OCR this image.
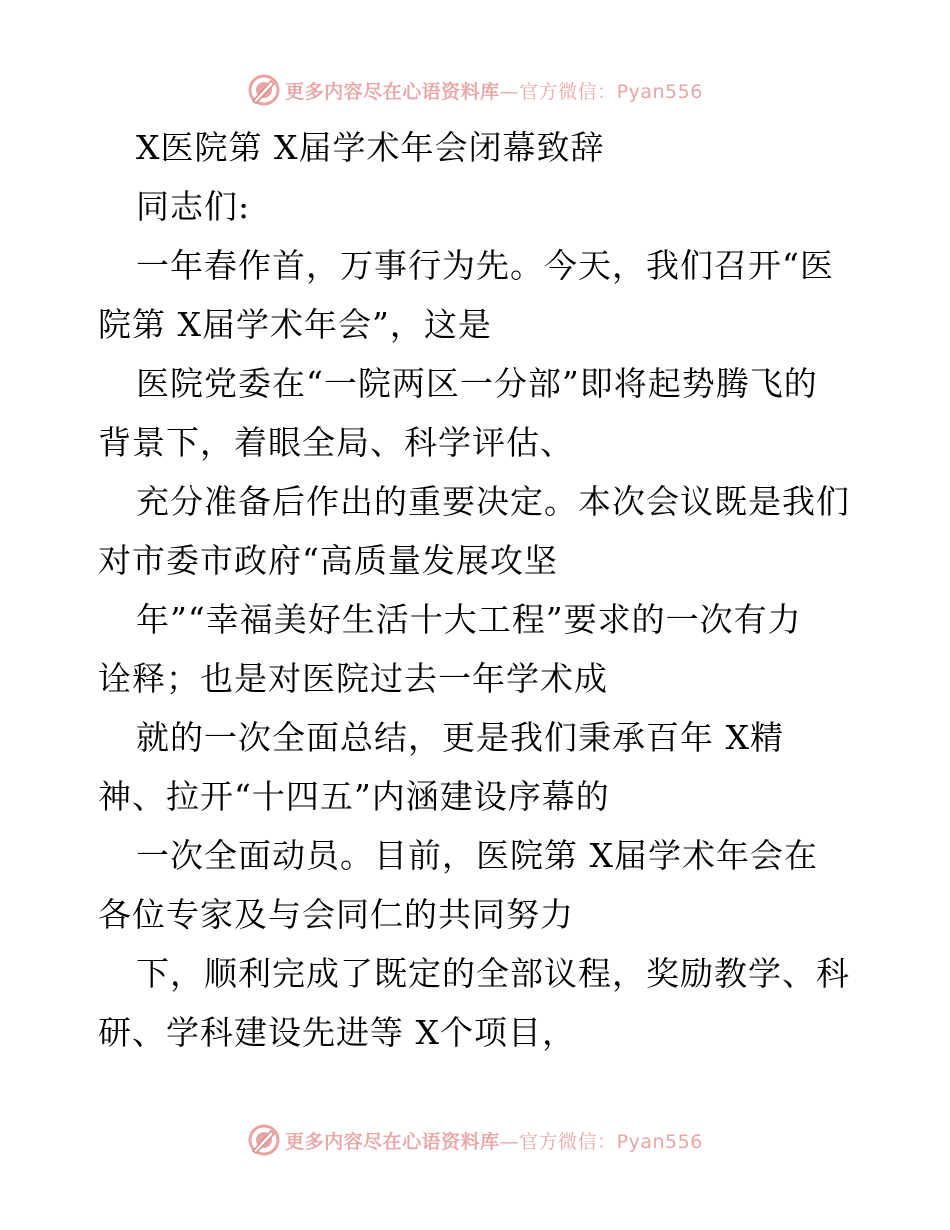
更多内容尽在心语资料库—官方微信：Pyan556
X医院第 X届学术年会闭幕致辞
同志们:
一年春作首，万事行为先。今天，我们召开“医
院第 X届学术年会”，这是
医院党委在“一院两区一分部”即将起势腾飞的
背景下，着眼全局、科学评估、
充分准备后作出的重要决定。本次会议既是我们
对市委市政府“高质量发展攻坚
年”“幸福美好生活十大工程”要求的一次有力
诠释；也是对医院过去一年学术成
就的一次全面总结，更是我们秉承百年 X精
神、拉开“十四五”内涵建设序幕的
一次全面动员。目前，医院第 X届学术年会在
各位专家及与会同仁的共同努力
下，顺利完成了既定的全部议程，奖励教学、科
研、学科建设先进等 X个项目，
更多内容尽在心语资料库—官方微信：Pyan556
